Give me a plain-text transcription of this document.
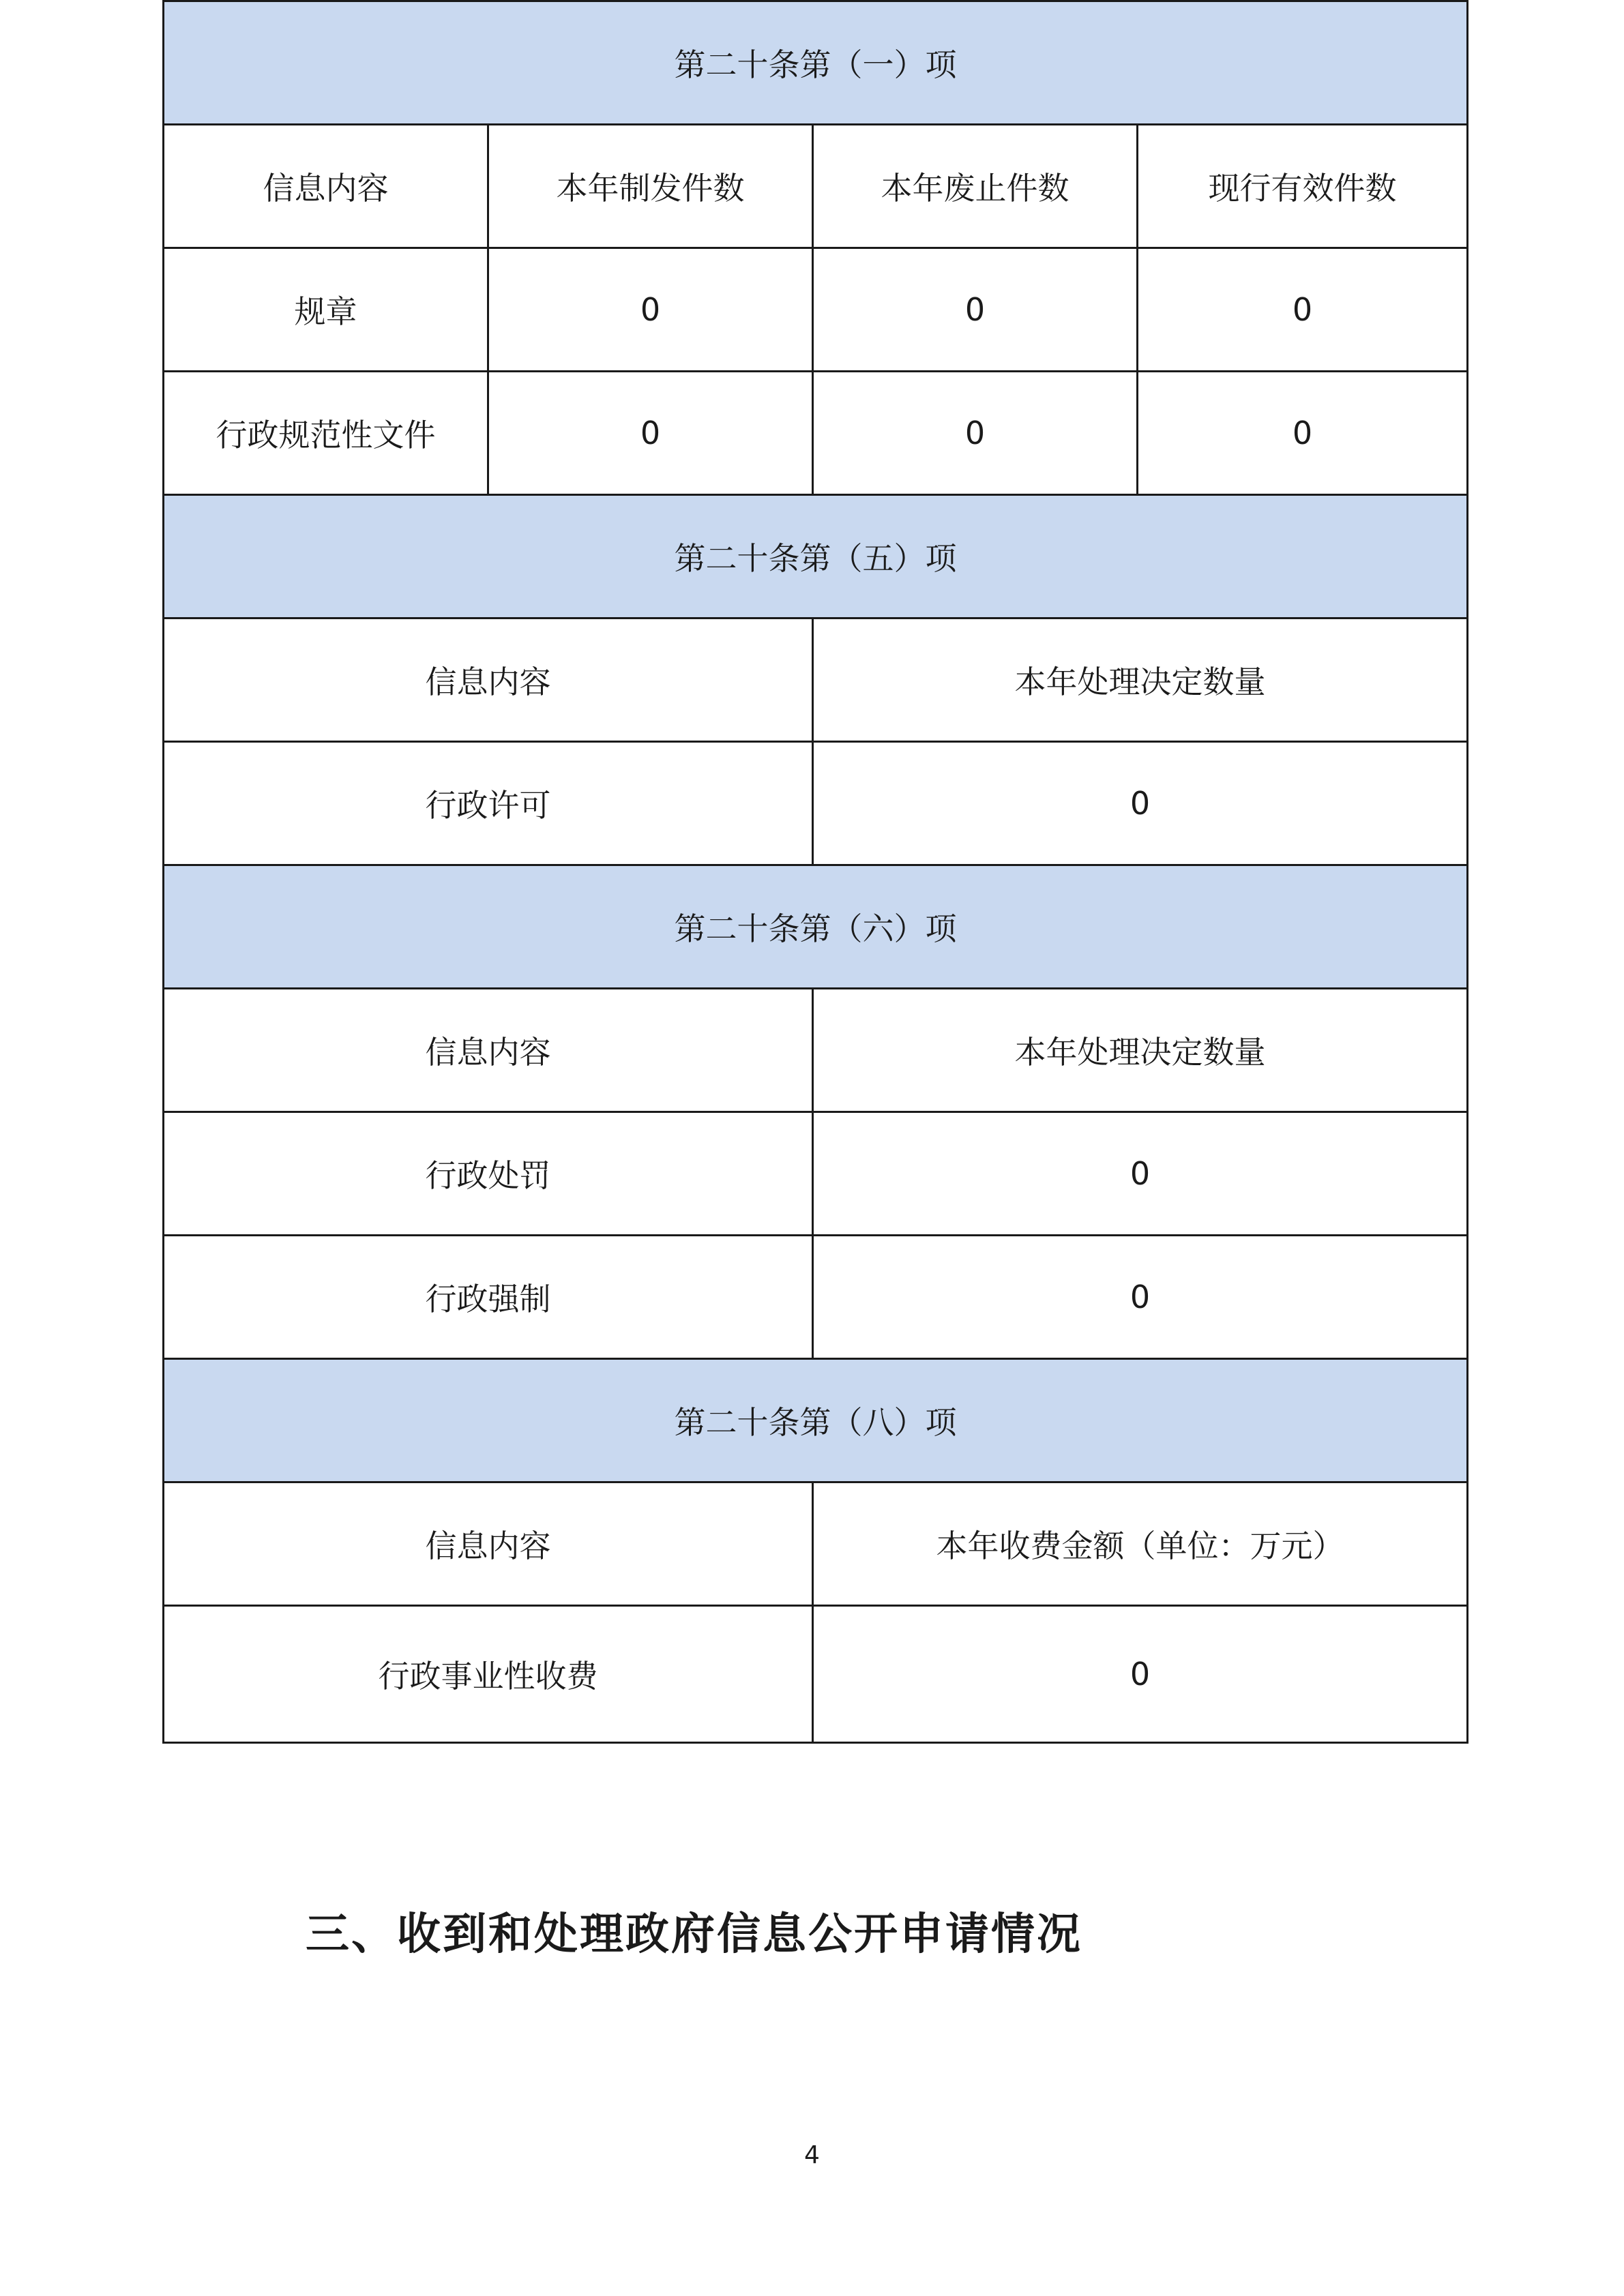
第二十条第（一）项			
信息内容	本年制发件数	本年废止件数	现行有效件数
规章	0	0	0
行政规范性文件	0	0	0
第二十条第（五）项			
信息内容		本年处理决定数量	
行政许可		0	
第二十条第（六）项			
信息内容		本年处理决定数量	
行政处罚		0	
行政强制		0	
第二十条第（八）项			
信息内容		本年收费金额（单位：万元）	
行政事业性收费		0	
三、收到和处理政府信息公开申请情况
4
